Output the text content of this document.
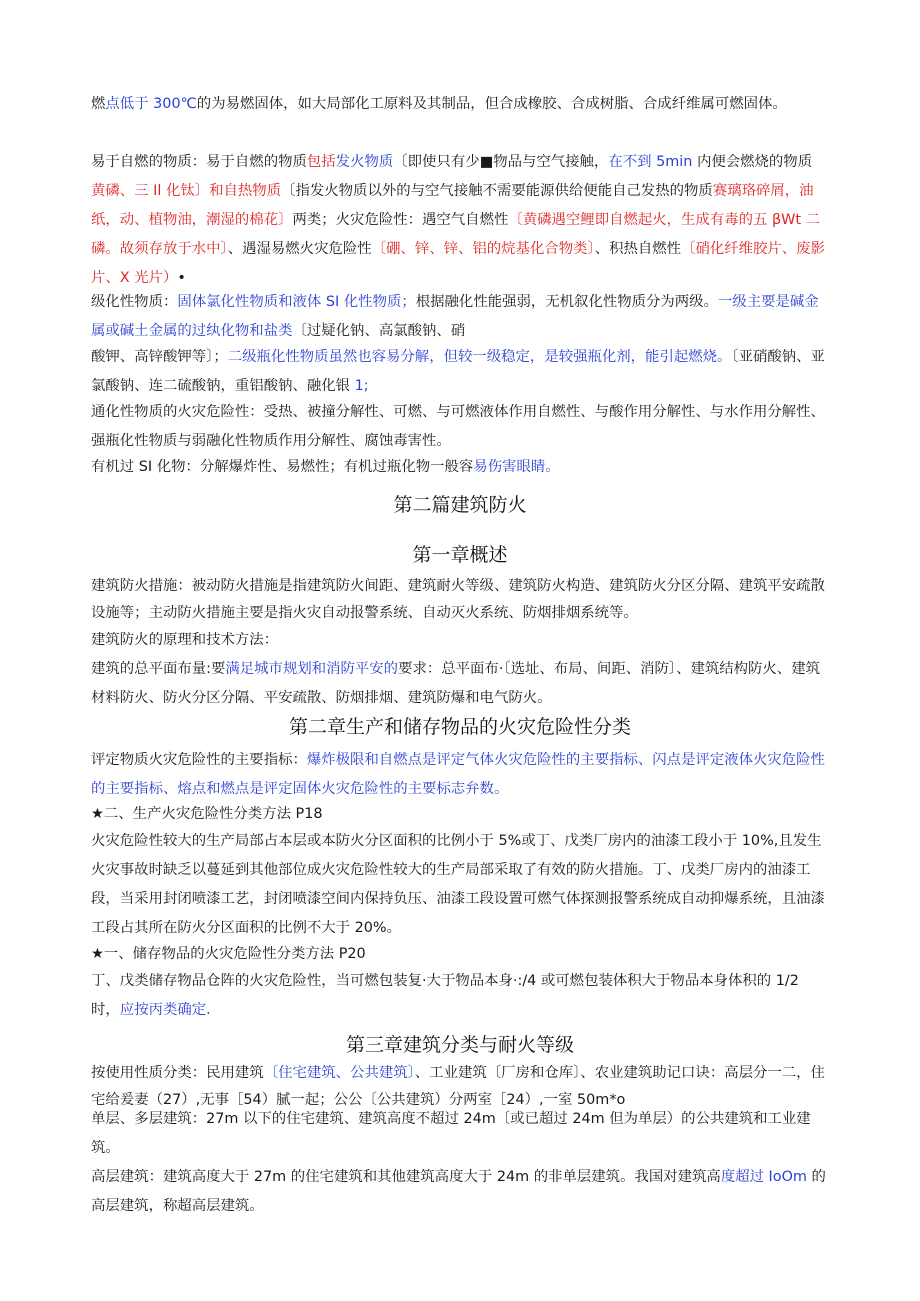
燃点低于 300℃的为易燃固体，如大局部化工原料及其制品，但合成橡胶、合成树脂、合成纤维属可燃固体。

易于自燃的物质：易于自燃的物质包括发火物质〔即使只有少■物品与空气接触，在不到 5min 内便会燃烧的物质黄磷、三 Il 化钛〕和自热物质〔指发火物质以外的与空气接触不需要能源供给便能自己发热的物质赛璃珞碎屑，油纸，动、植物油，潮湿的棉花〕两类；火灾危险性：遇空气自燃性〔黄磷遇空鲤即自燃起火，生成有毒的五 βWt 二磷。故须存放于水中〕、遇湿易燃火灾危险性〔硼、锌、锌、铝的烷基化合物类〕、积热自燃性〔硝化纤维胶片、废影片、X 光片）•

级化性物质：固体氯化性物质和液体 SI 化性物质；根据融化性能强弱，无机叙化性物质分为两级。一级主要是碱金属或碱土金属的过纨化物和盐类〔过疑化钠、高氯酸钠、硝

酸钾、高锌酸钾等〕；二级瓶化性物质虽然也容易分解，但较一级稳定，是较强瓶化剂，能引起燃烧。〔亚硝酸钠、亚氯酸钠、连二硫酸钠，重铝酸钠、融化银 1;

通化性物质的火灾危险性：受热、被撞分解性、可燃、与可燃液体作用自燃性、与酸作用分解性、与水作用分解性、强瓶化性物质与弱融化性物质作用分解性、腐蚀毒害性。

有机过 SI 化物：分解爆炸性、易燃性；有机过瓶化物一般容易伤害眼睛。

第二篇建筑防火
第一章概述

建筑防火措施：被动防火措施是指建筑防火间距、建筑耐火等级、建筑防火构造、建筑防火分区分隔、建筑平安疏散设施等；主动防火措施主要是指火灾自动报警系统、自动灭火系统、防烟排烟系统等。

建筑防火的原理和技术方法：

建筑的总平面布量:要满足城市规划和消防平安的要求：总平面布·〔选址、布局、间距、消防〕、建筑结构防火、建筑材料防火、防火分区分隔、平安疏散、防烟排烟、建筑防爆和电气防火。

第二章生产和储存物品的火灾危险性分类

评定物质火灾危险性的主要指标：爆炸极限和自燃点是评定气体火灾危险性的主要指标、闪点是评定液体火灾危险性的主要指标、熔点和燃点是评定固体火灾危险性的主要标志弁数。

★二、生产火灾危险性分类方法 P18

火灾危险性较大的生产局部占本层或本防火分区面积的比例小于 5%或丁、戊类厂房内的油漆工段小于 10%,且发生火灾事故时缺乏以蔓延到其他部位成火灾危险性较大的生产局部采取了有效的防火措施。丁、戊类厂房内的油漆工段，当采用封闭喷漆工艺，封闭喷漆空间内保持负压、油漆工段设置可燃气体探测报警系统成自动抑爆系统，且油漆工段占其所在防火分区面积的比例不大于 20%。

★一、储存物品的火灾危险性分类方法 P20

丁、戊类储存物品仓阵的火灾危险性，当可燃包装复·大于物品本身·:/4 或可燃包装体积大于物品本身体积的 1/2 时，应按丙类确定.

第三章建筑分类与耐火等级

按使用性质分类：民用建筑〔住宅建筑、公共建筑〕、工业建筑〔厂房和仓库〕、农业建筑助记口诀：高层分一二，住宅给爰妻（27）,无事［54）腻一起；公公〔公共建筑）分两室［24）,一室 50m*o

单层、多层建筑：27m 以下的住宅建筑、建筑高度不超过 24m〔或已超过 24m 但为单层）的公共建筑和工业建筑。

高层建筑：建筑高度大于 27m 的住宅建筑和其他建筑高度大于 24m 的非单层建筑。我国对建筑高度超过 IoOm 的高层建筑，称超高层建筑。
